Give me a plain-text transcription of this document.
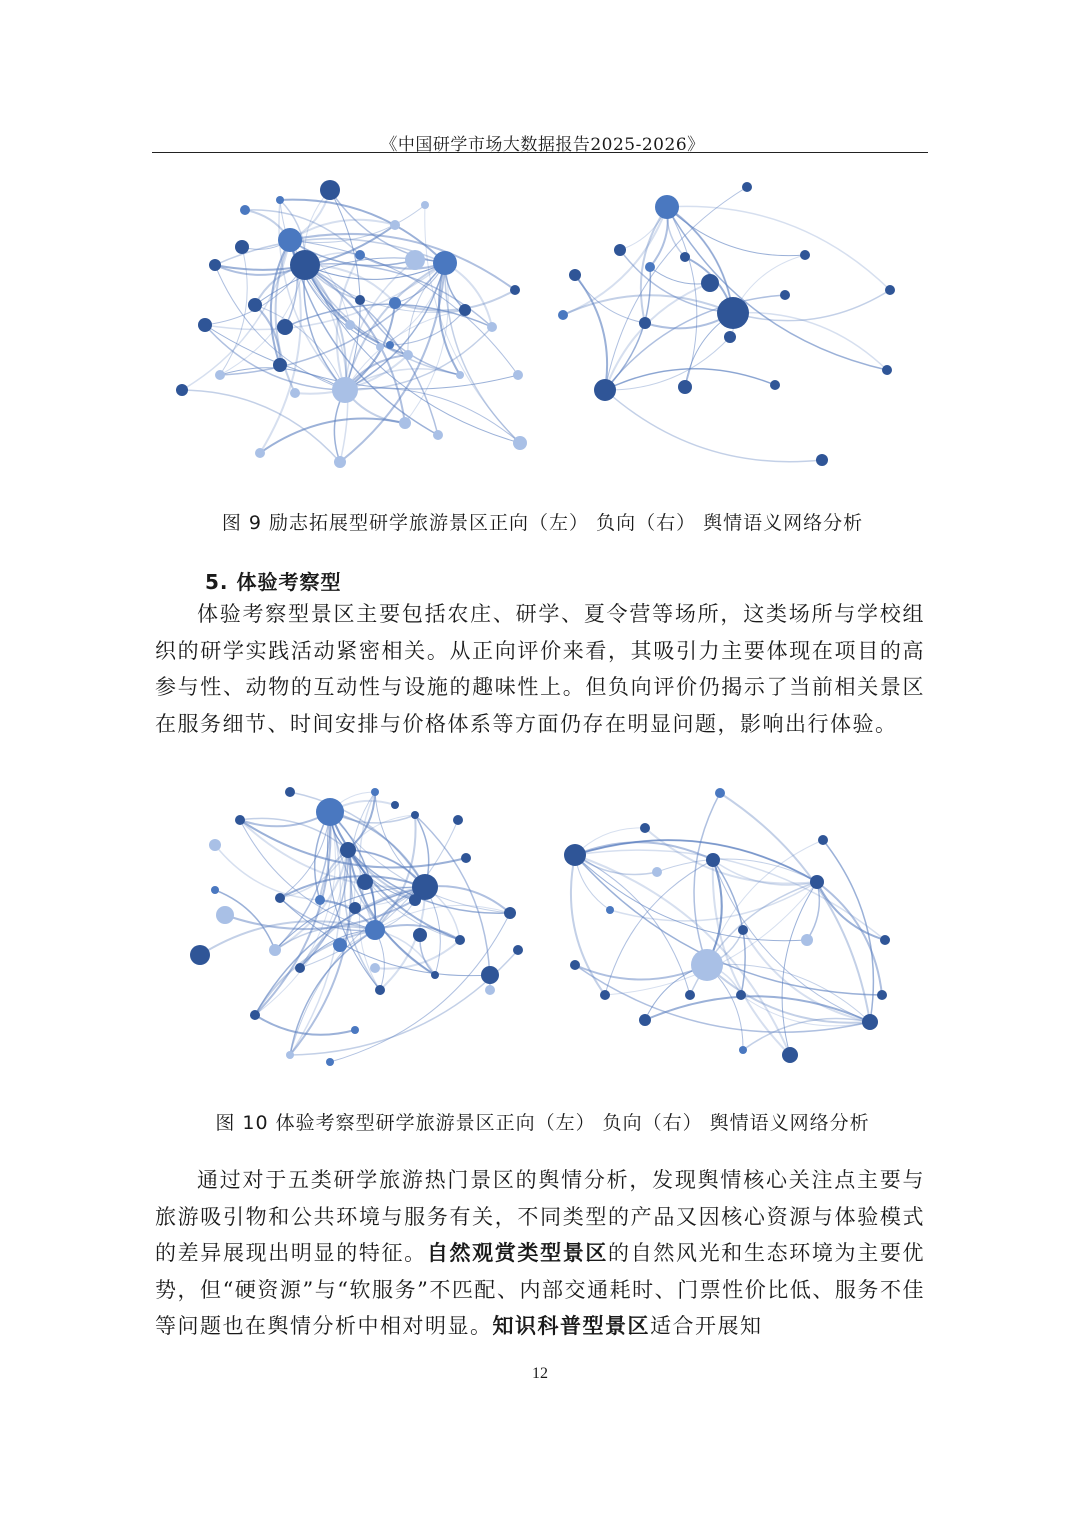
《中国研学市场大数据报告2025-2026》
图 9 励志拓展型研学旅游景区正向（左） 负向（右） 舆情语义网络分析
5. 体验考察型

体验考察型景区主要包括农庄、研学、夏令营等场所，这类场所与学校组织的研学实践活动紧密相关。从正向评价来看，其吸引力主要体现在项目的高参与性、动物的互动性与设施的趣味性上。但负向评价仍揭示了当前相关景区在服务细节、时间安排与价格体系等方面仍存在明显问题，影响出行体验。

图 10 体验考察型研学旅游景区正向（左） 负向（右） 舆情语义网络分析

通过对于五类研学旅游热门景区的舆情分析，发现舆情核心关注点主要与旅游吸引物和公共环境与服务有关，不同类型的产品又因核心资源与体验模式的差异展现出明显的特征。自然观赏类型景区的自然风光和生态环境为主要优势，但“硬资源”与“软服务”不匹配、内部交通耗时、门票性价比低、服务不佳等问题也在舆情分析中相对明显。知识科普型景区适合开展知

12
